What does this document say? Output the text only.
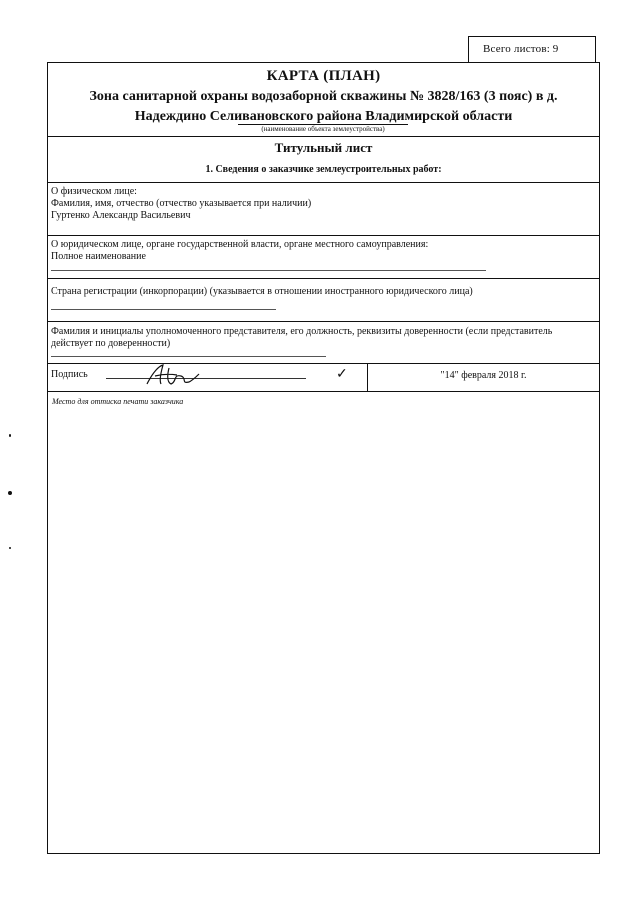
Всего листов: 9
КАРТА (ПЛАН)
Зона санитарной охраны водозаборной скважины № 3828/163 (3 пояс) в д.
Надеждино Селивановского района Владимирской области
(наименование объекта землеустройства)
Титульный лист
1. Сведения о заказчике землеустроительных работ:
О физическом лице:
Фамилия, имя, отчество (отчество указывается при наличии)
Гуртенко Александр Васильевич
О юридическом лице, органе государственной власти, органе местного самоуправления:
Полное наименование
Страна регистрации (инкорпорации) (указывается в отношении иностранного юридического лица)
Фамилия и инициалы уполномоченного представителя, его должность, реквизиты доверенности (если представитель действует по доверенности)
Подпись	✓	"14" февраля 2018 г.
Место для оттиска печати заказчика
